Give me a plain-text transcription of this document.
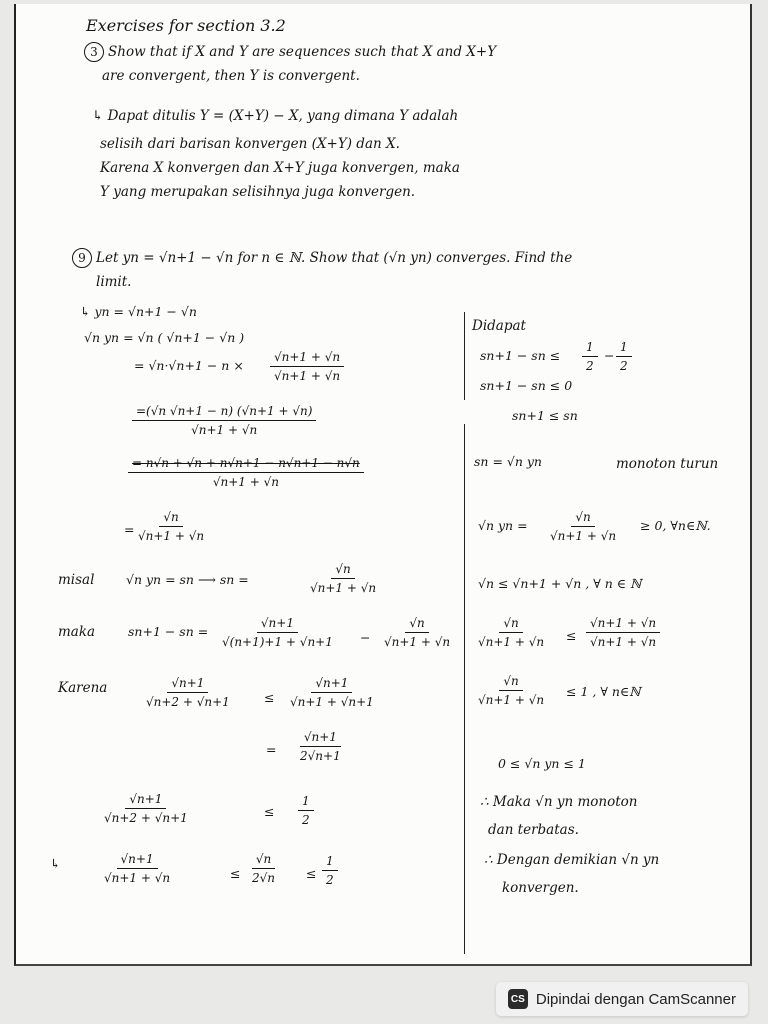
Exercises for section 3.2
3 Show that if X and Y are sequences such that X and X+Y
are convergent, then Y is convergent.
↳ Dapat ditulis Y = (X+Y) − X, yang dimana Y adalah
selisih dari barisan konvergen (X+Y) dan X.
Karena X konvergen dan X+Y juga konvergen, maka
Y yang merupakan selisihnya juga konvergen.
9 Let yn = √n+1 − √n for n ∈ ℕ. Show that (√n yn) converges. Find the
limit.
↳ yn = √n+1 − √n
√n yn = √n ( √n+1 − √n )
= $√n\cdot√n+1 - n \times \frac{√n+1 + √n}{√n+1 + √n}$
$\frac{=(√n √n+1 - n) (√n+1 + √n)}{√n+1 + √n}$
$\frac{= n√n + √n + n√n+1 - n√n+1 - n√n}{√n+1 + √n}$
= $\frac{√n}{√n+1 + √n}$
misal	√n yn = sn ⟶ sn =	$\frac{√n}{√n+1 + √n}$
maka	sn+1 − sn = $\frac{√n+1}{√(n+1)+1 + √n+1} - \frac{√n}{√n+1 + √n}$
Karena	$\frac{√n+1}{√n+2 + √n+1} \le \frac{√n+1}{√n+1 + √n+1}$
= $\frac{√n+1}{2√n+1}$
$\frac{√n+1}{√n+2 + √n+1}$	≤ $\frac{1}{2}$
↳	$\frac{√n+1}{√n+1 + √n}$	≤ $\frac{√n}{2√n} \le \frac{1}{2}$
Didapat
sn+1 − sn ≤ $\frac{1}{2} - \frac{1}{2}$
sn+1 − sn ≤ 0
sn+1 ≤ sn
sn = √n yn	monoton turun
√n yn = $\frac{√n}{√n+1 + √n} \ge 0$, ∀n∈ℕ.
√n ≤ √n+1 + √n , ∀ n ∈ ℕ
$\frac{√n}{√n+1 + √n} \le \frac{√n+1 + √n}{√n+1 + √n}$
$\frac{√n}{√n+1 + √n} \le 1$ , ∀ n∈ℕ
0 ≤ √n yn ≤ 1
∴ Maka √n yn monoton
dan terbatas.
∴ Dengan demikian √n yn
konvergen.
CS Dipindai dengan CamScanner
